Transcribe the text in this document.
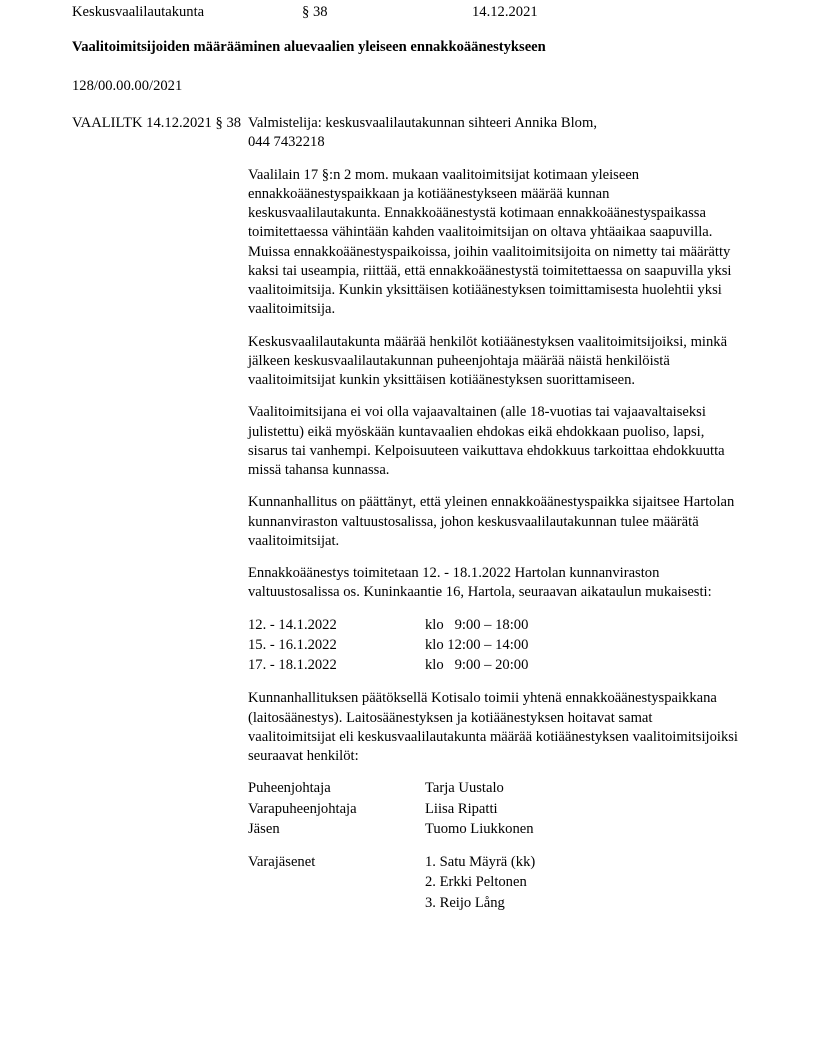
Keskusvaalilautakunta	§ 38	14.12.2021
Vaalitoimitsijoiden määrääminen aluevaalien yleiseen ennakkoäänestykseen
128/00.00.00/2021
VAALILTK 14.12.2021 § 38 Valmistelija: keskusvaalilautakunnan sihteeri Annika Blom,

044 7432218

Vaalilain 17 §:n 2 mom. mukaan vaalitoimitsijat kotimaan yleiseen ennakkoäänestyspaikkaan ja kotiäänestykseen määrää kunnan keskusvaalilautakunta. Ennakkoäänestystä kotimaan ennakkoäänestyspaikassa toimitettaessa vähintään kahden vaalitoimitsijan on oltava yhtäaikaa saapuvilla. Muissa ennakkoäänestyspaikoissa, joihin vaalitoimitsijoita on nimetty tai määrätty kaksi tai useampia, riittää, että ennakkoäänestystä toimitettaessa on saapuvilla yksi vaalitoimitsija. Kunkin yksittäisen kotiäänestyksen toimittamisesta huolehtii yksi vaalitoimitsija.

Keskusvaalilautakunta määrää henkilöt kotiäänestyksen vaalitoimitsijoiksi, minkä jälkeen keskusvaalilautakunnan puheenjohtaja määrää näistä henkilöistä vaalitoimitsijat kunkin yksittäisen kotiäänestyksen suorittamiseen.

Vaalitoimitsijana ei voi olla vajaavaltainen (alle 18-vuotias tai vajaavaltaiseksi julistettu) eikä myöskään kuntavaalien ehdokas eikä ehdokkaan puoliso, lapsi, sisarus tai vanhempi. Kelpoisuuteen vaikuttava ehdokkuus tarkoittaa ehdokkuutta missä tahansa kunnassa.

Kunnanhallitus on päättänyt, että yleinen ennakkoäänestyspaikka sijaitsee Hartolan kunnanviraston valtuustosalissa, johon keskusvaalilautakunnan tulee määrätä vaalitoimitsijat.

Ennakkoäänestys toimitetaan 12. - 18.1.2022 Hartolan kunnanviraston valtuustosalissa os. Kuninkaantie 16, Hartola, seuraavan aikataulun mukaisesti:

12. - 14.1.2022	klo   9:00 – 18:00
15. - 16.1.2022	klo 12:00 – 14:00
17. - 18.1.2022	klo   9:00 – 20:00

Kunnanhallituksen päätöksellä Kotisalo toimii yhtenä ennakkoäänestyspaikkana (laitosäänestys). Laitosäänestyksen ja kotiäänestyksen hoitavat samat vaalitoimitsijat eli keskusvaalilautakunta määrää kotiäänestyksen vaalitoimitsijoiksi seuraavat henkilöt:

Puheenjohtaja	Tarja Uustalo
Varapuheenjohtaja	Liisa Ripatti
Jäsen	Tuomo Liukkonen
Varajäsenet	1. Satu Mäyrä (kk)
	2. Erkki Peltonen
	3. Reijo Lång
